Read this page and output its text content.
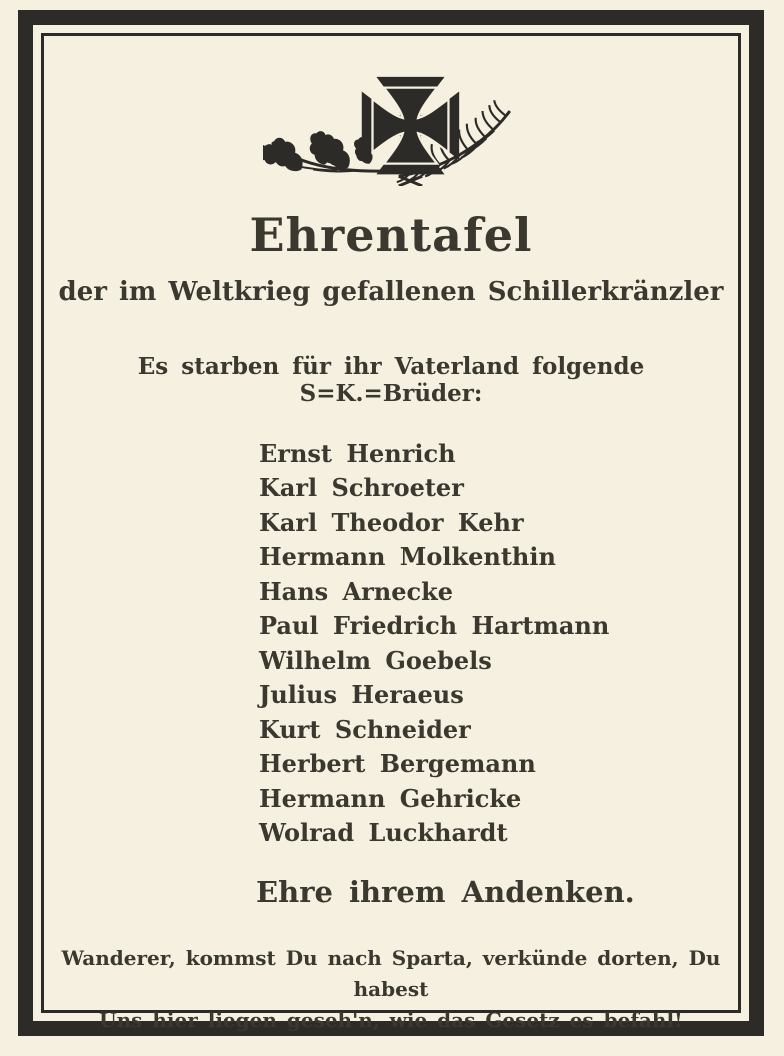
Ehrentafel
der im Weltkrieg gefallenen Schillerkränzler
Es starben für ihr Vaterland folgende S=K.=Brüder:
Ernst Henrich
Karl Schroeter
Karl Theodor Kehr
Hermann Molkenthin
Hans Arnecke
Paul Friedrich Hartmann
Wilhelm Goebels
Julius Heraeus
Kurt Schneider
Herbert Bergemann
Hermann Gehricke
Wolrad Luckhardt
Ehre ihrem Andenken.
Wanderer, kommst Du nach Sparta, verkünde dorten, Du habest
Uns hier liegen geseh'n, wie das Gesetz es befahl!
